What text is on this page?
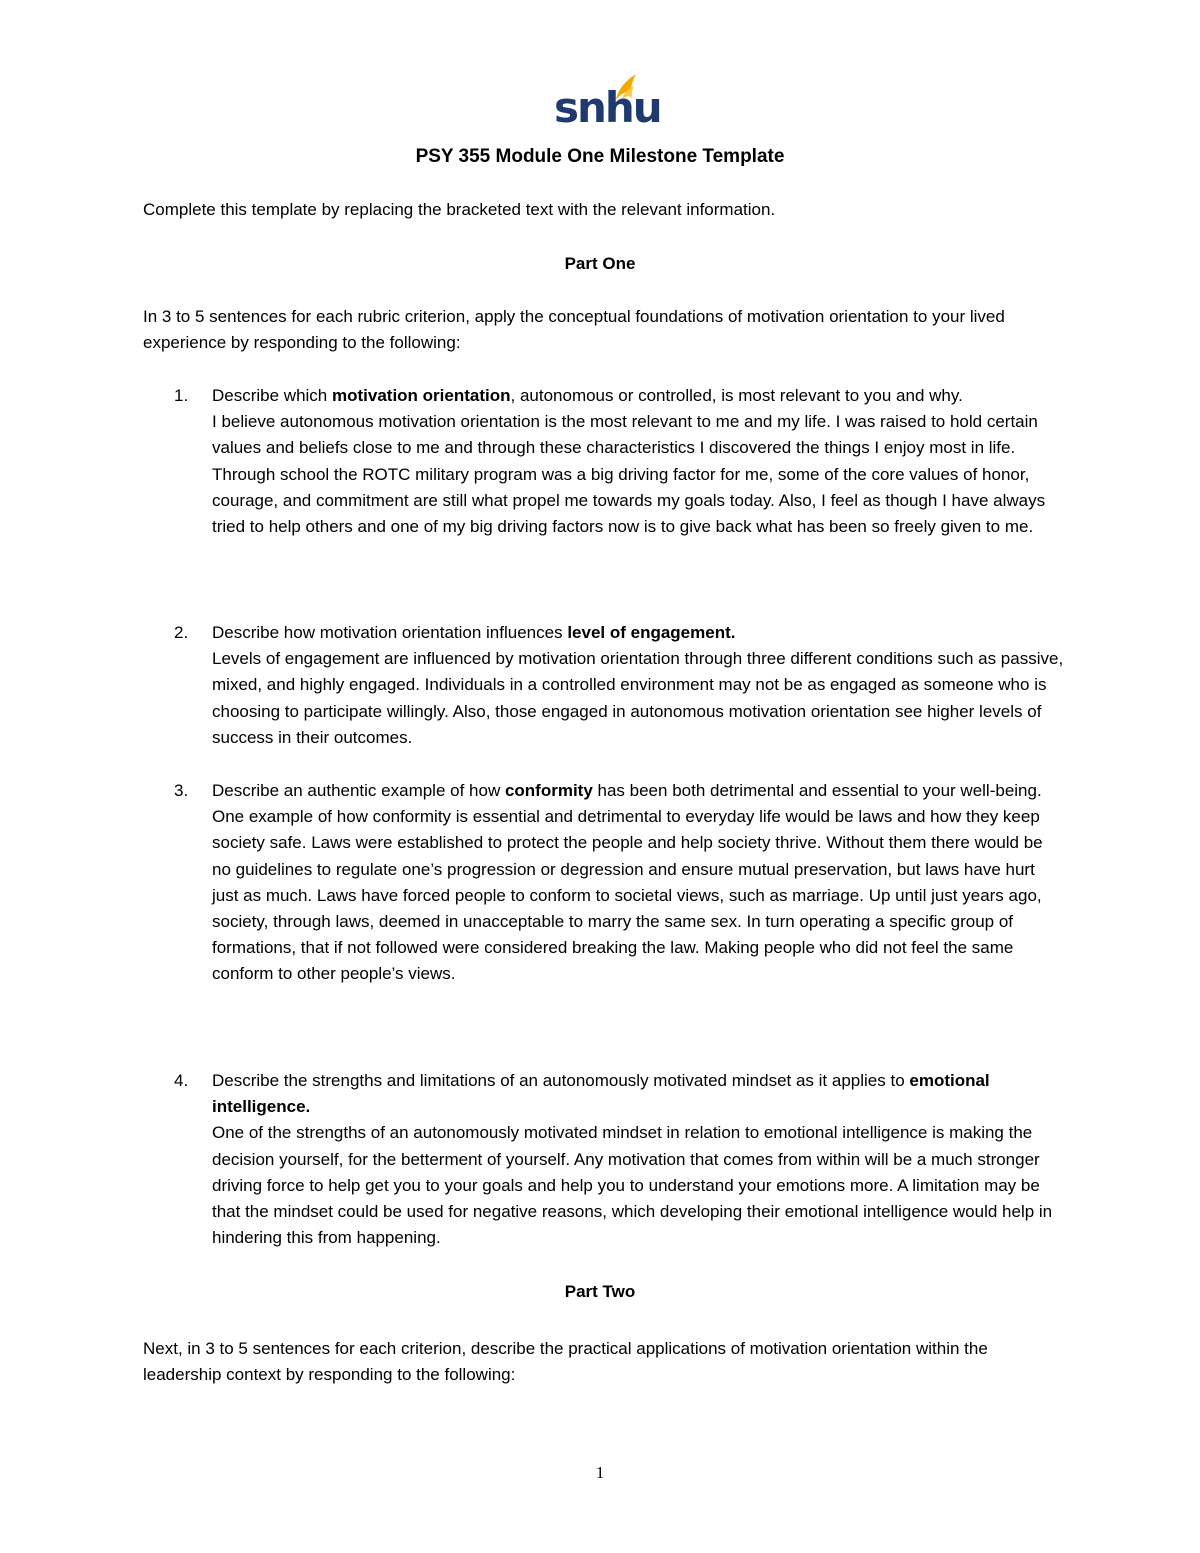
snhu
PSY 355 Module One Milestone Template
Complete this template by replacing the bracketed text with the relevant information.
Part One
In 3 to 5 sentences for each rubric criterion, apply the conceptual foundations of motivation orientation to your lived experience by responding to the following:
1.	Describe which motivation orientation, autonomous or controlled, is most relevant to you and why.

I believe autonomous motivation orientation is the most relevant to me and my life. I was raised to hold certain values and beliefs close to me and through these characteristics I discovered the things I enjoy most in life. Through school the ROTC military program was a big driving factor for me, some of the core values of honor, courage, and commitment are still what propel me towards my goals today. Also, I feel as though I have always tried to help others and one of my big driving factors now is to give back what has been so freely given to me.

2.	Describe how motivation orientation influences level of engagement.

Levels of engagement are influenced by motivation orientation through three different conditions such as passive, mixed, and highly engaged. Individuals in a controlled environment may not be as engaged as someone who is choosing to participate willingly. Also, those engaged in autonomous motivation orientation see higher levels of success in their outcomes.

3.	Describe an authentic example of how conformity has been both detrimental and essential to your well-being.

One example of how conformity is essential and detrimental to everyday life would be laws and how they keep society safe. Laws were established to protect the people and help society thrive. Without them there would be no guidelines to regulate one’s progression or degression and ensure mutual preservation, but laws have hurt just as much. Laws have forced people to conform to societal views, such as marriage. Up until just years ago, society, through laws, deemed in unacceptable to marry the same sex. In turn operating a specific group of formations, that if not followed were considered breaking the law. Making people who did not feel the same conform to other people’s views.

4.	Describe the strengths and limitations of an autonomously motivated mindset as it applies to emotional intelligence.

One of the strengths of an autonomously motivated mindset in relation to emotional intelligence is making the decision yourself, for the betterment of yourself. Any motivation that comes from within will be a much stronger driving force to help get you to your goals and help you to understand your emotions more. A limitation may be that the mindset could be used for negative reasons, which developing their emotional intelligence would help in hindering this from happening.

Part Two
Next, in 3 to 5 sentences for each criterion, describe the practical applications of motivation orientation within the leadership context by responding to the following:
1
